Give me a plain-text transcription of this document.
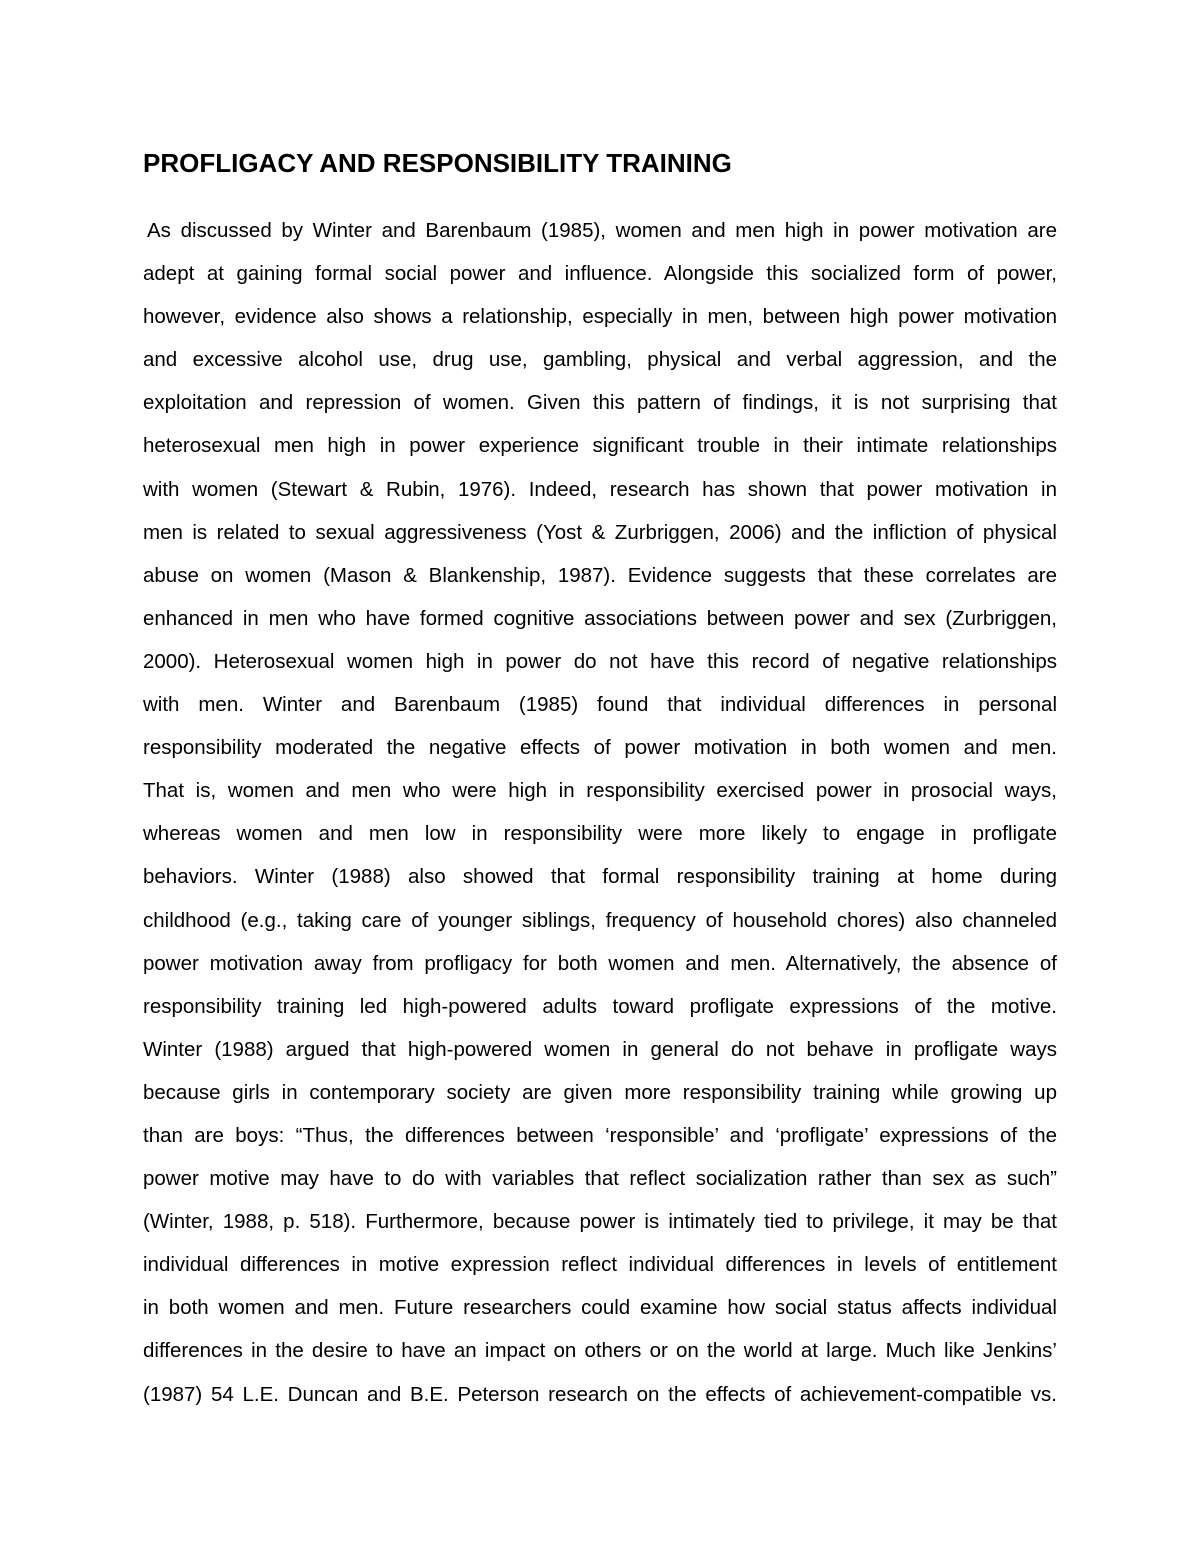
PROFLIGACY AND RESPONSIBILITY TRAINING
As discussed by Winter and Barenbaum (1985), women and men high in power motivation are
adept at gaining formal social power and influence. Alongside this socialized form of power,
however, evidence also shows a relationship, especially in men, between high power motivation
and excessive alcohol use, drug use, gambling, physical and verbal aggression, and the
exploitation and repression of women. Given this pattern of findings, it is not surprising that
heterosexual men high in power experience significant trouble in their intimate relationships
with women (Stewart & Rubin, 1976). Indeed, research has shown that power motivation in
men is related to sexual aggressiveness (Yost & Zurbriggen, 2006) and the infliction of physical
abuse on women (Mason & Blankenship, 1987). Evidence suggests that these correlates are
enhanced in men who have formed cognitive associations between power and sex (Zurbriggen,
2000). Heterosexual women high in power do not have this record of negative relationships
with men. Winter and Barenbaum (1985) found that individual differences in personal
responsibility moderated the negative effects of power motivation in both women and men.
That is, women and men who were high in responsibility exercised power in prosocial ways,
whereas women and men low in responsibility were more likely to engage in profligate
behaviors. Winter (1988) also showed that formal responsibility training at home during
childhood (e.g., taking care of younger siblings, frequency of household chores) also channeled
power motivation away from profligacy for both women and men. Alternatively, the absence of
responsibility training led high-powered adults toward profligate expressions of the motive.
Winter (1988) argued that high-powered women in general do not behave in profligate ways
because girls in contemporary society are given more responsibility training while growing up
than are boys: “Thus, the differences between ‘responsible’ and ‘profligate’ expressions of the
power motive may have to do with variables that reflect socialization rather than sex as such”
(Winter, 1988, p. 518). Furthermore, because power is intimately tied to privilege, it may be that
individual differences in motive expression reflect individual differences in levels of entitlement
in both women and men. Future researchers could examine how social status affects individual
differences in the desire to have an impact on others or on the world at large. Much like Jenkins’
(1987) 54 L.E. Duncan and B.E. Peterson research on the effects of achievement-compatible vs.
